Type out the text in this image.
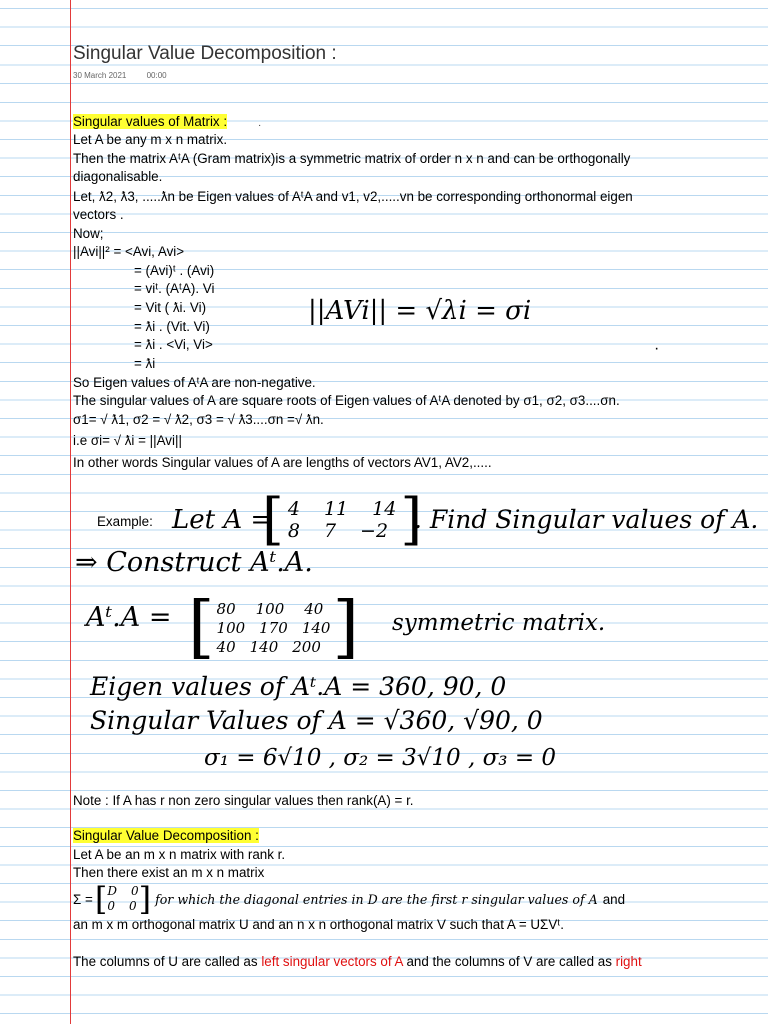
Singular Value Decomposition :
30 March 2021	00:00
Singular values of Matrix :
Let A be any m x n matrix.
Then the matrix AᵗA (Gram matrix)is a symmetric matrix of order n x n and can be orthogonally
diagonalisable.
Let, ƛ2, ƛ3, .....ƛn be Eigen values of AᵗA and v1, v2,.....vn be corresponding orthonormal eigen
vectors .
Now;
||Avi||² = <Avi, Avi>
= (Avi)ᵗ . (Avi)
= viᵗ. (AᵗA). Vi
= Vit ( ƛi. Vi)
= ƛi . (Vit. Vi)
= ƛi . <Vi, Vi>
= ƛi
So Eigen values of AᵗA are non-negative.
The singular values of A are square roots of Eigen values of AᵗA denoted by σ1, σ2, σ3....σn.
σ1= √ ƛ1, σ2 = √ ƛ2, σ3 = √ ƛ3....σn =√ ƛn.
i.e σi= √ ƛi = ||Avi||
In other words Singular values of A are lengths of vectors AV1, AV2,.....
||AVi|| = √λi = σi
·
·
Example: Let A =
[ 4 11 14
8 7 −2 ]
. Find Singular values of A.
⇒ Construct Aᵗ.A.
Aᵗ.A = [ 80 100 40
100 170 140
40 140 200 ] symmetric matrix.
Eigen values of Aᵗ.A = 360, 90, 0
Singular Values of A = √360, √90, 0
σ₁ = 6√10 , σ₂ = 3√10 , σ₃ = 0
Note : If A has r non zero singular values then rank(A) = r.
Singular Value Decomposition :
Let A be an m x n matrix with rank r.
Then there exist an m x n matrix
Σ = [ D 0
0 0 ] for which the diagonal entries in D are the first r singular values of A and
an m x m orthogonal matrix U and an n x n orthogonal matrix V such that A = UΣVᵗ.
The columns of U are called as left singular vectors of A and the columns of V are called as right
